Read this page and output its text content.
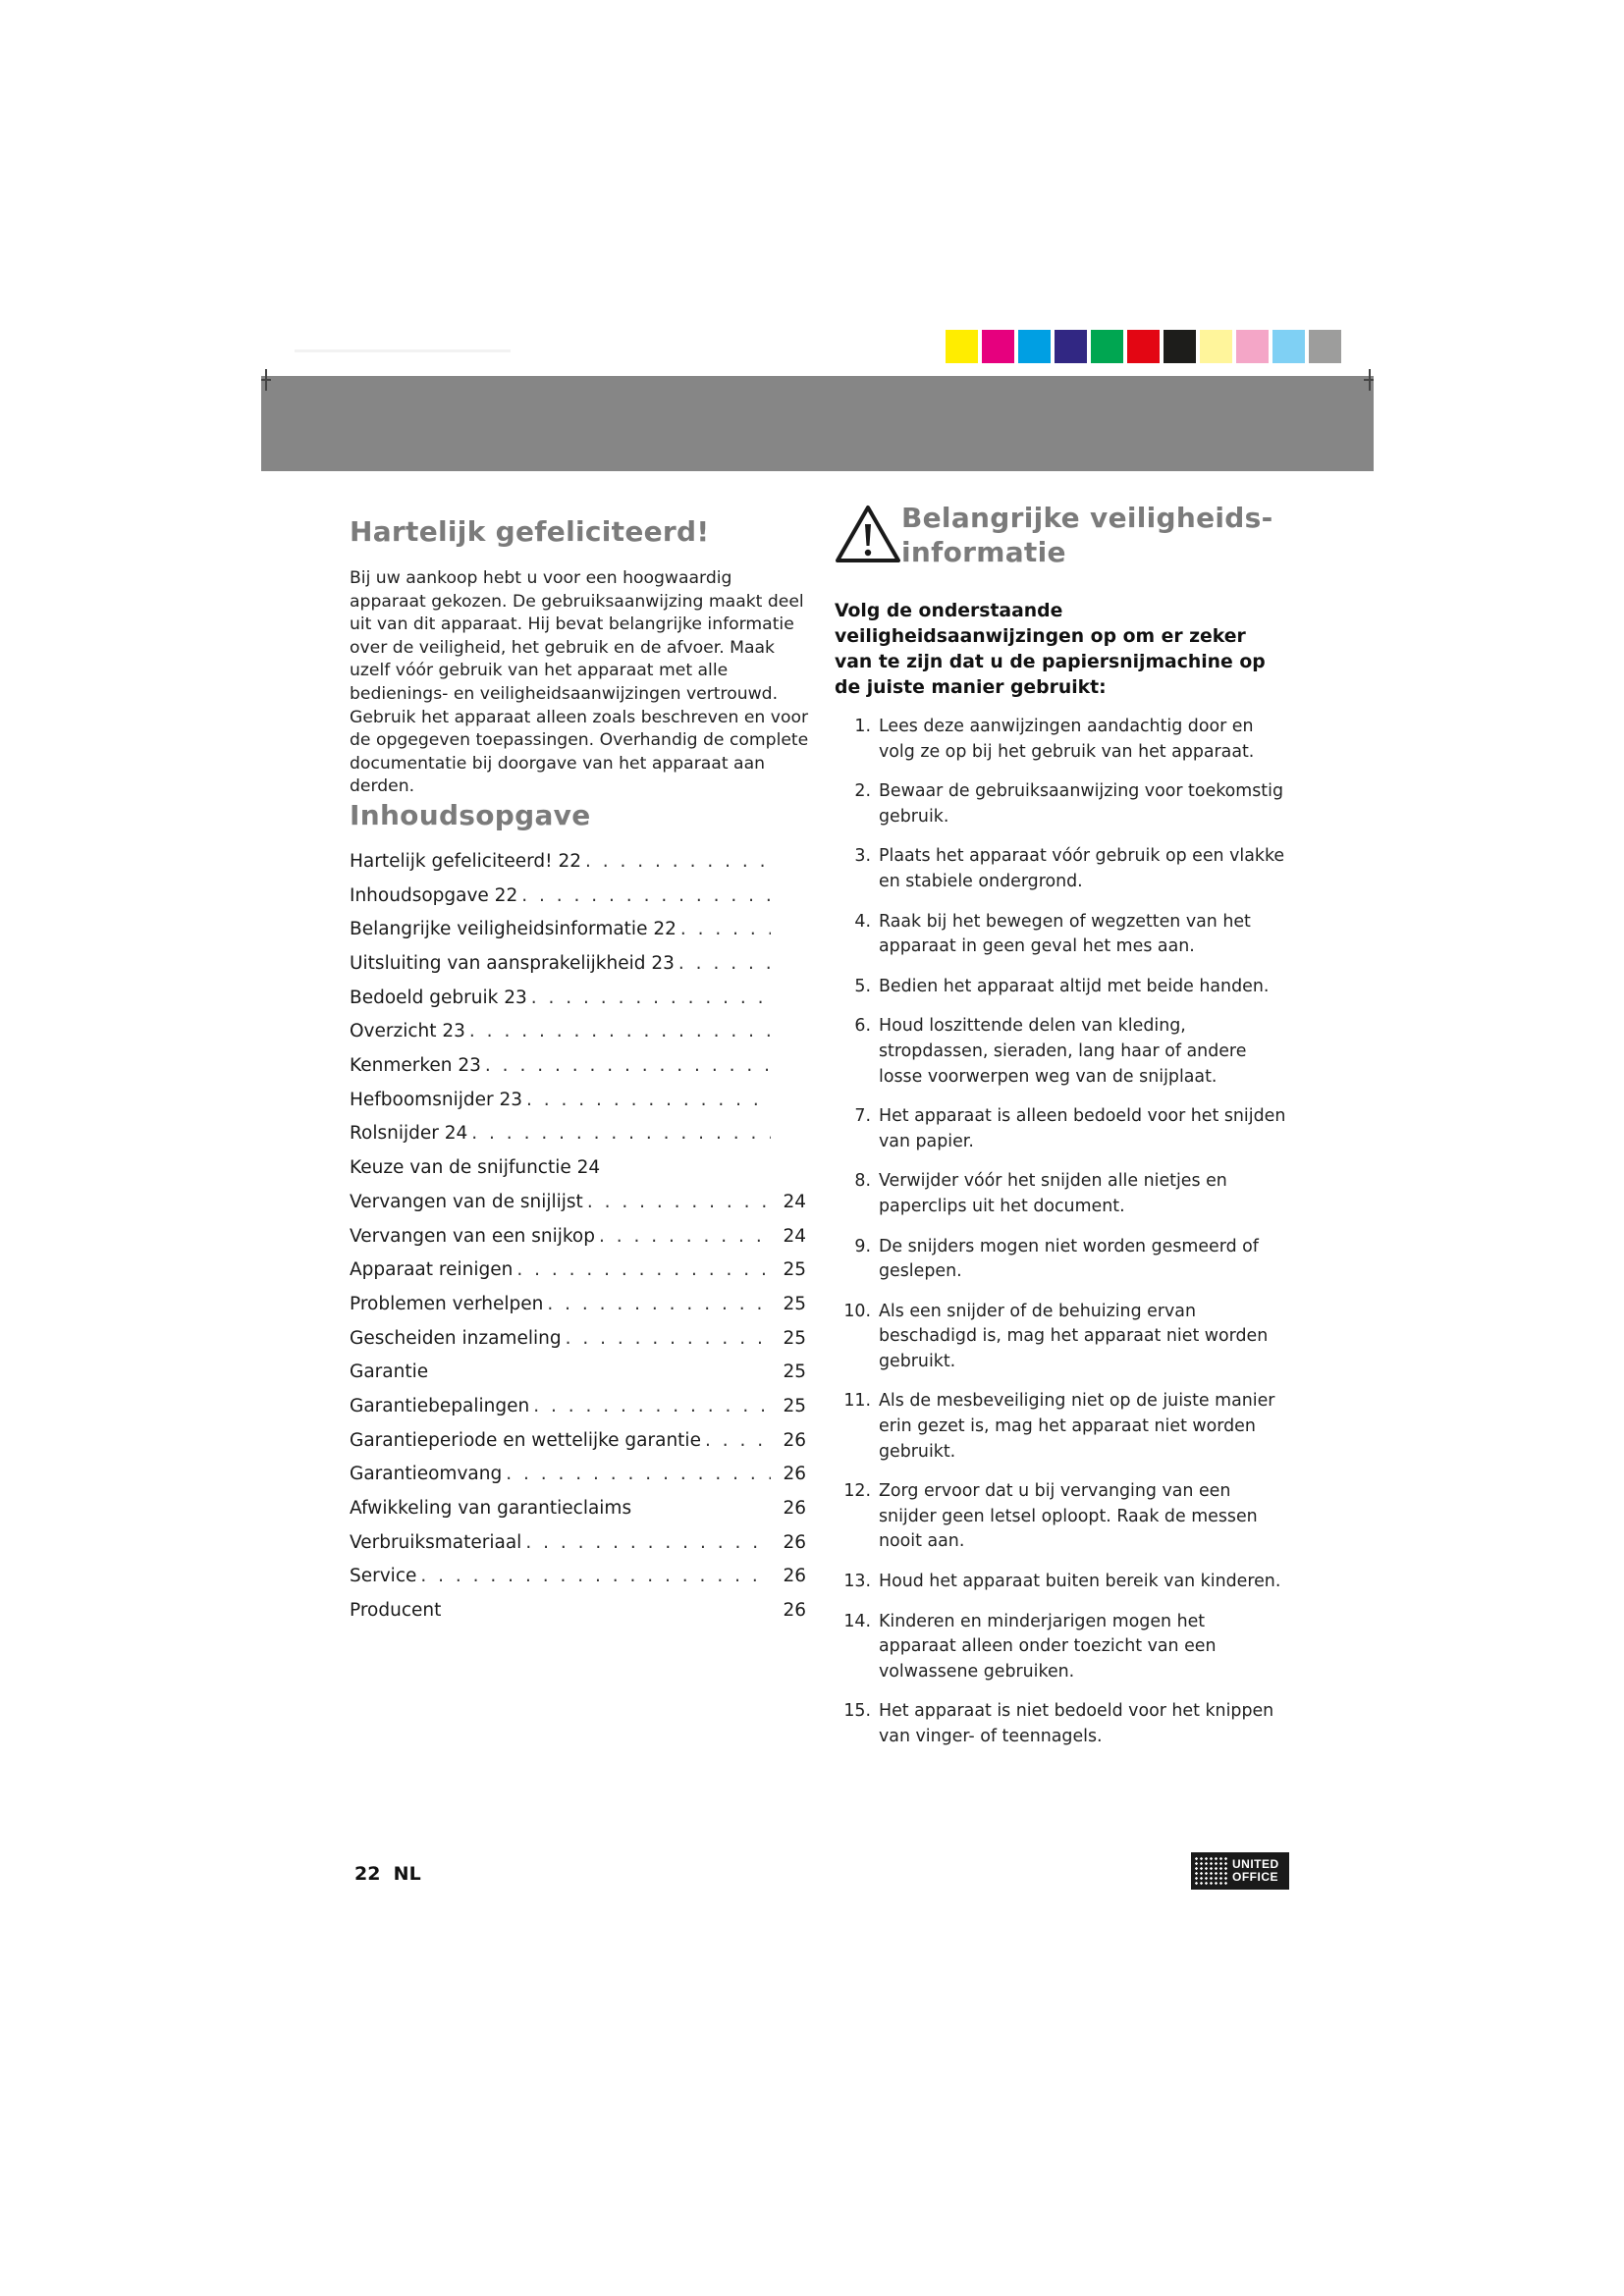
Hartelijk gefeliciteerd!
Bij uw aankoop hebt u voor een hoogwaardig apparaat gekozen. De gebruiksaanwijzing maakt deel uit van dit apparaat. Hij bevat belangrijke informatie over de veiligheid, het gebruik en de afvoer. Maak uzelf vóór gebruik van het apparaat met alle bedienings- en veiligheidsaanwijzingen vertrouwd. Gebruik het apparaat alleen zoals beschreven en voor de opgegeven toepassingen. Overhandig de complete documentatie bij doorgave van het apparaat aan derden.
Inhoudsopgave
Hartelijk gefeliciteerd! 22
. . .
Inhoudsopgave 22
. . .
Belangrijke veiligheidsinformatie 22
. . .
Uitsluiting van aansprakelijkheid 23
. . .
Bedoeld gebruik 23
. . .
Overzicht 23
. . .
Kenmerken 23
. . .
Hefboomsnijder 23
. . .
Rolsnijder 24
. . .
Keuze van de snijfunctie 24
Vervangen van de snijlijst . . .	24
Vervangen van een snijkop . . .	24
Apparaat reinigen . . .	25
Problemen verhelpen . . .	25
Gescheiden inzameling . . .	25
Garantie	25
Garantiebepalingen . . .	25
Garantieperiode en wettelijke garantie . . .	26
Garantieomvang . . .	26
Afwikkeling van garantieclaims	26
Verbruiksmateriaal . . .	26
Service . . .	26
Producent	26
Belangrijke veiligheids-
informatie
Volg de onderstaande veiligheidsaanwijzingen op om er zeker van te zijn dat u de papiersnijmachine op de juiste manier gebruikt:
1. Lees deze aanwijzingen aandachtig door en volg ze op bij het gebruik van het apparaat.
2. Bewaar de gebruiksaanwijzing voor toekomstig gebruik.
3. Plaats het apparaat vóór gebruik op een vlakke en stabiele ondergrond.
4. Raak bij het bewegen of wegzetten van het apparaat in geen geval het mes aan.
5. Bedien het apparaat altijd met beide handen.
6. Houd loszittende delen van kleding, stropdassen, sieraden, lang haar of andere losse voorwerpen weg van de snijplaat.
7. Het apparaat is alleen bedoeld voor het snijden van papier.
8. Verwijder vóór het snijden alle nietjes en paperclips uit het document.
9. De snijders mogen niet worden gesmeerd of geslepen.
10. Als een snijder of de behuizing ervan beschadigd is, mag het apparaat niet worden gebruikt.
11. Als de mesbeveiliging niet op de juiste manier erin gezet is, mag het apparaat niet worden gebruikt.
12. Zorg ervoor dat u bij vervanging van een snijder geen letsel oploopt. Raak de messen nooit aan.
13. Houd het apparaat buiten bereik van kinderen.
14. Kinderen en minderjarigen mogen het apparaat alleen onder toezicht van een volwassene gebruiken.
15. Het apparaat is niet bedoeld voor het knippen van vinger- of teennagels.
22  NL	UNITED
OFFICE
